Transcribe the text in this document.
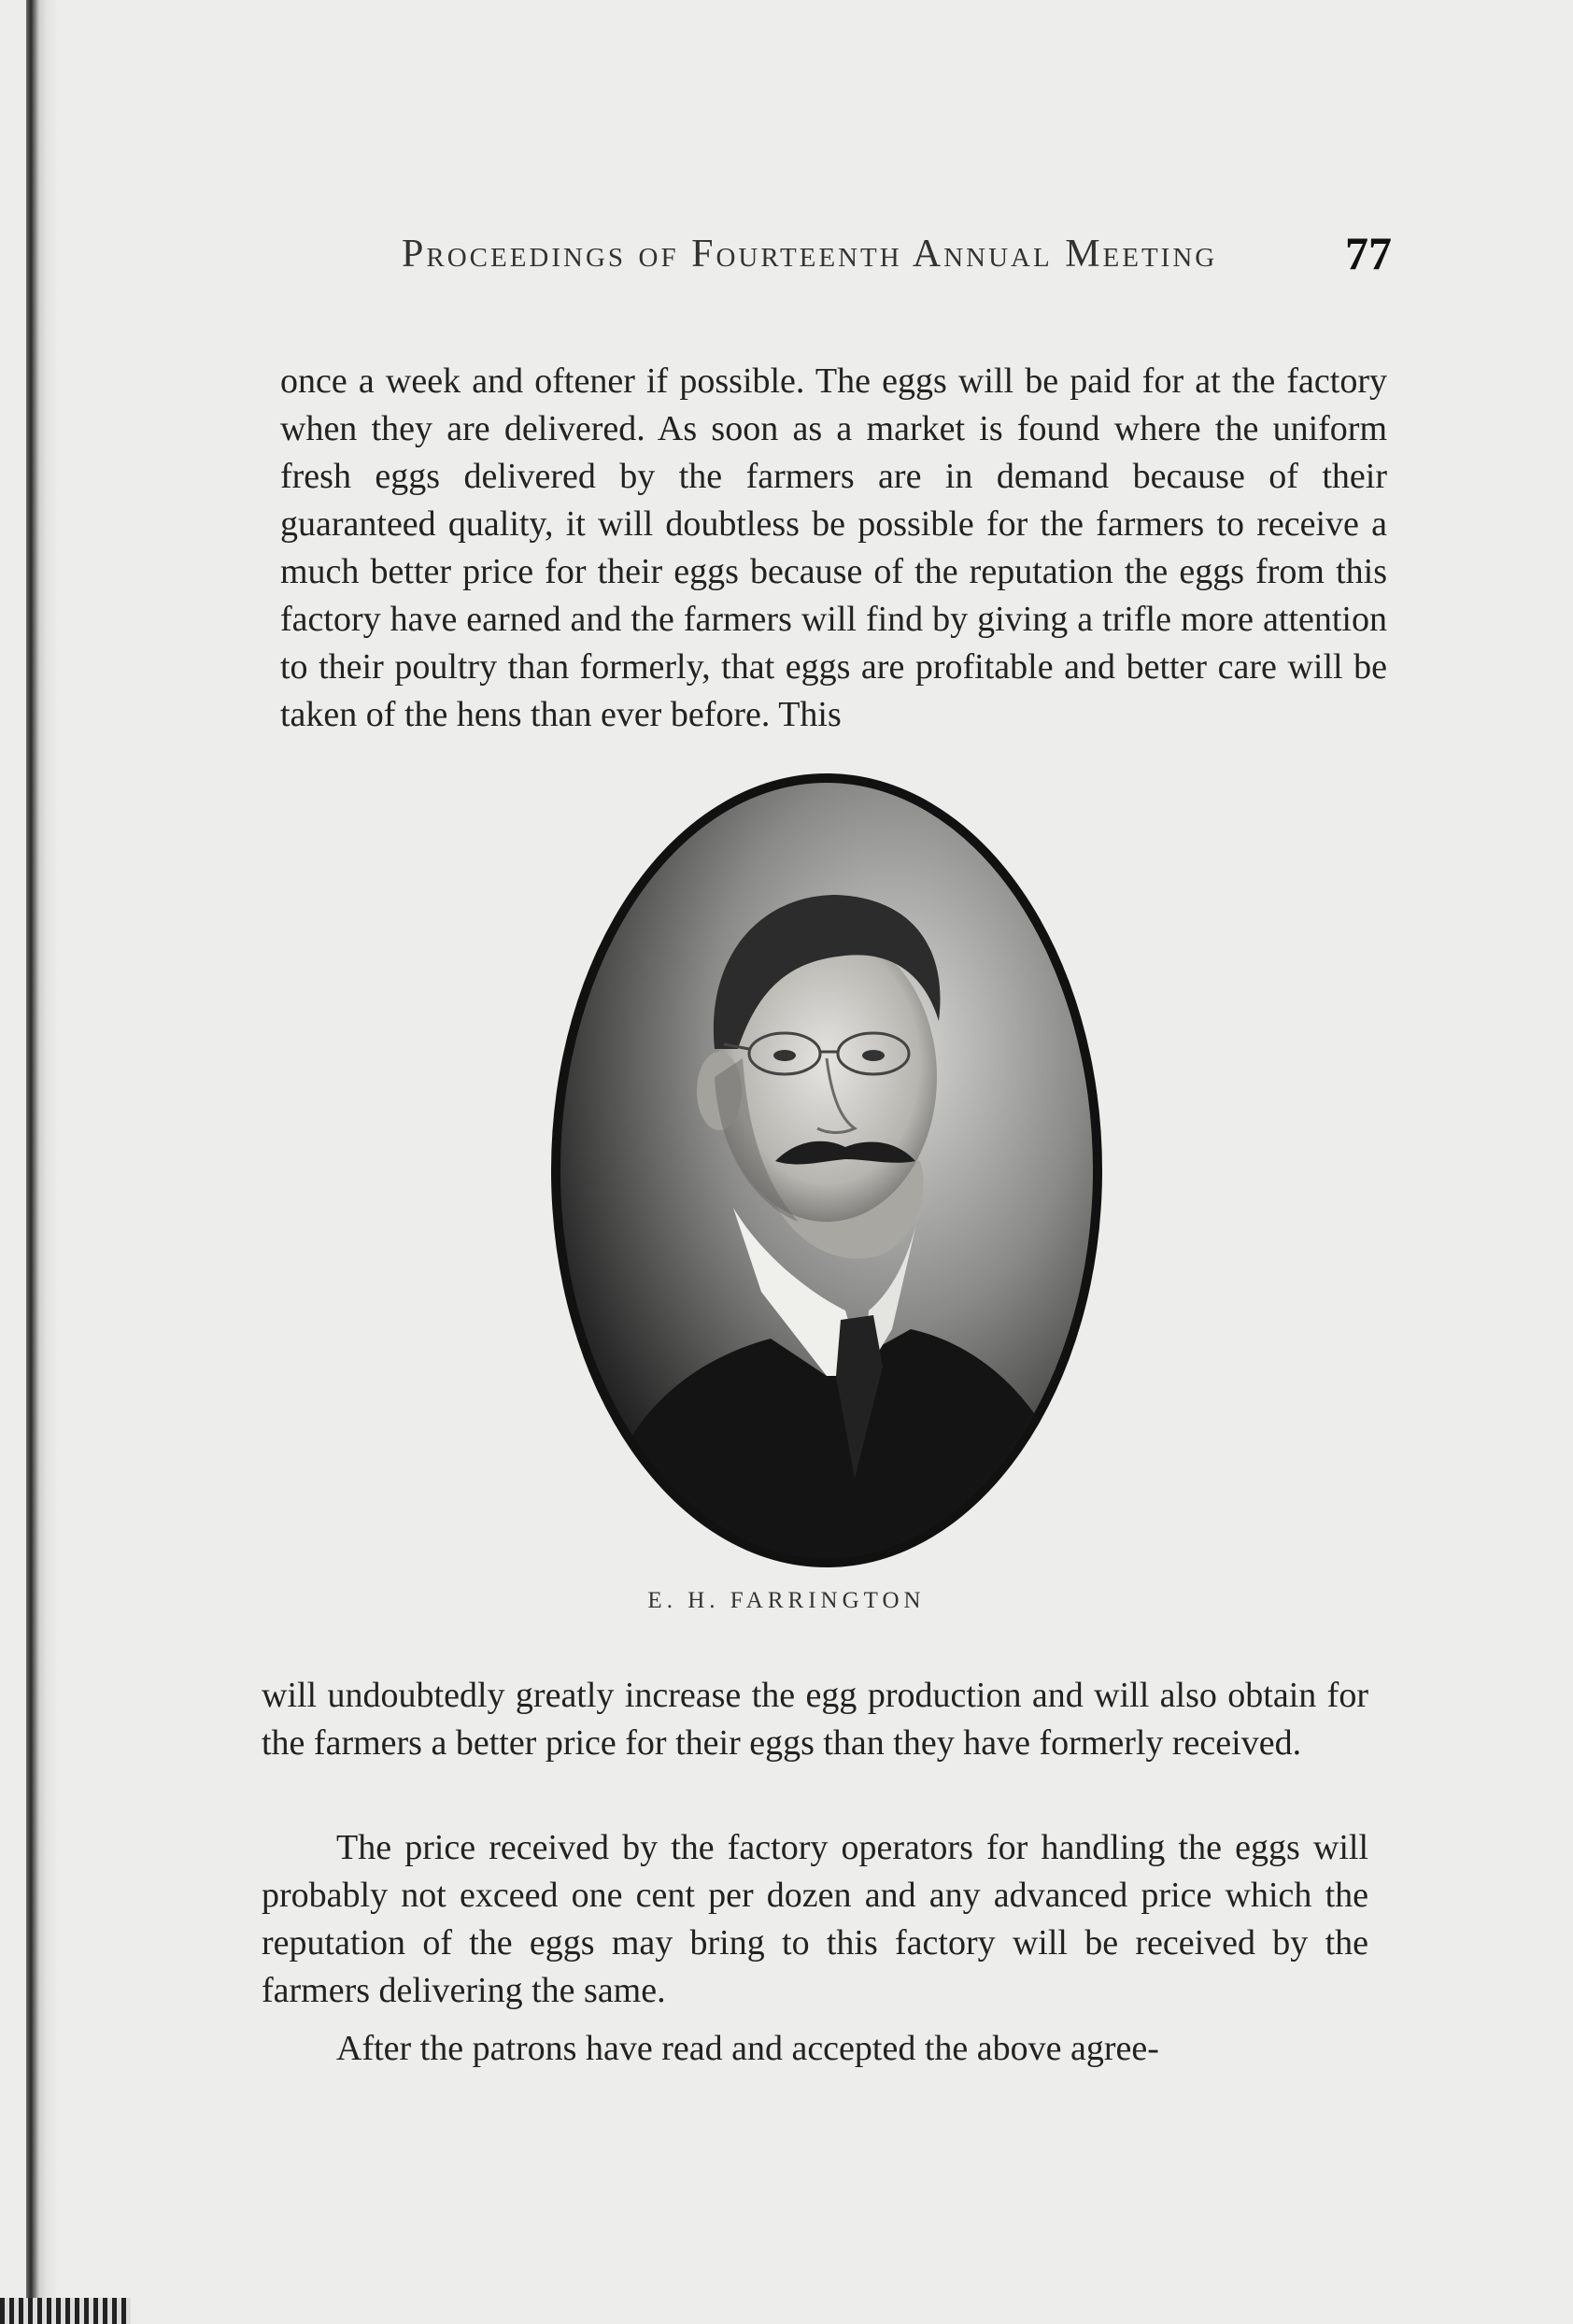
Proceedings of Fourteenth Annual Meeting	77

once a week and oftener if possible. The eggs will be paid for at the factory when they are delivered. As soon as a market is found where the uniform fresh eggs delivered by the farmers are in demand because of their guaranteed quality, it will doubtless be possible for the farmers to receive a much better price for their eggs because of the reputation the eggs from this factory have earned and the farmers will find by giving a trifle more attention to their poultry than formerly, that eggs are profitable and better care will be taken of the hens than ever before. This

E. H. FARRINGTON

will undoubtedly greatly increase the egg production and will also obtain for the farmers a better price for their eggs than they have formerly received.

The price received by the factory operators for handling the eggs will probably not exceed one cent per dozen and any advanced price which the reputation of the eggs may bring to this factory will be received by the farmers delivering the same.

After the patrons have read and accepted the above agree-
